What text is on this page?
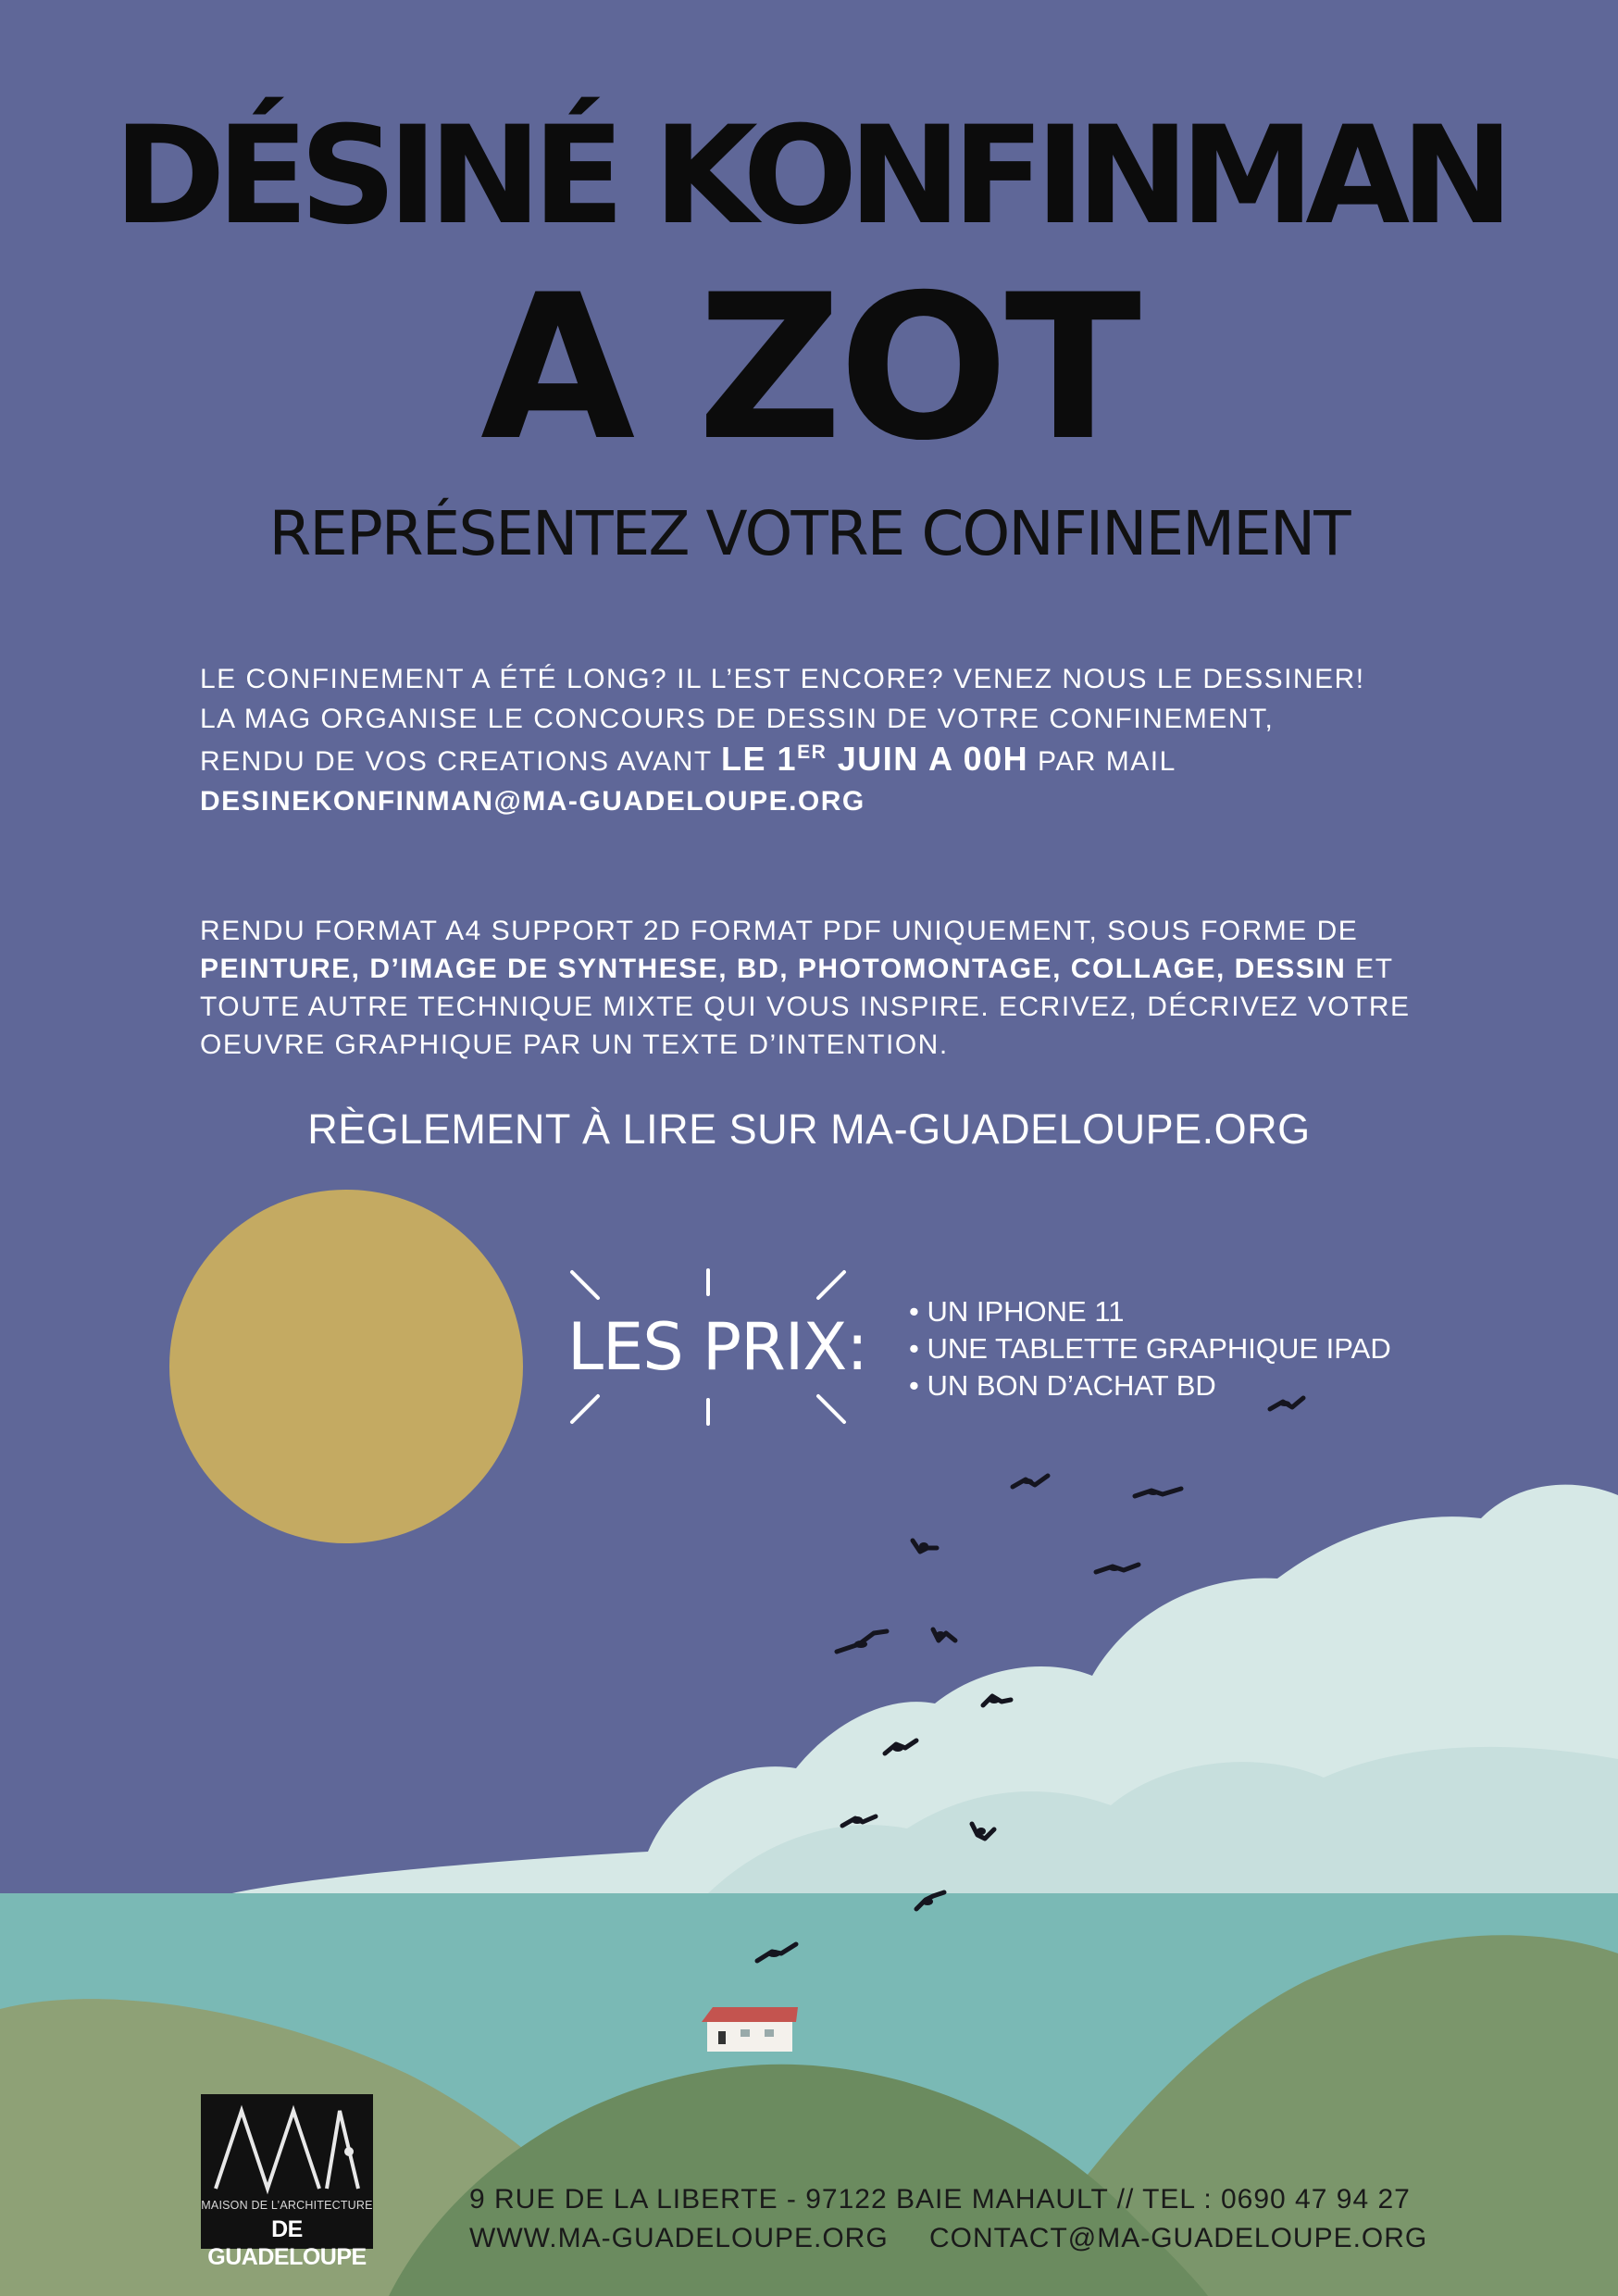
DÉSINÉ KONFINMAN
A ZOT
REPRÉSENTEZ VOTRE CONFINEMENT

LE CONFINEMENT A ÉTÉ LONG? IL L’EST ENCORE? VENEZ NOUS LE DESSINER!

LA MAG ORGANISE LE CONCOURS DE DESSIN DE VOTRE CONFINEMENT,

RENDU DE VOS CREATIONS AVANT LE 1ER JUIN A 00H PAR MAIL

DESINEKONFINMAN@MA-GUADELOUPE.ORG

RENDU FORMAT A4 SUPPORT 2D FORMAT PDF UNIQUEMENT, SOUS FORME DE PEINTURE, D’IMAGE DE SYNTHESE, BD, PHOTOMONTAGE, COLLAGE, DESSIN ET TOUTE AUTRE TECHNIQUE MIXTE QUI VOUS INSPIRE. ECRIVEZ, DÉCRIVEZ VOTRE OEUVRE GRAPHIQUE PAR UN TEXTE D’INTENTION.

RÈGLEMENT À LIRE SUR MA-GUADELOUPE.ORG
LES PRIX:
•	UN IPHONE 11
• UNE TABLETTE GRAPHIQUE IPAD
• UN BON D’ACHAT BD
MAISON DE L’ARCHITECTURE
DE GUADELOUPE
9 RUE DE LA LIBERTE - 97122 BAIE MAHAULT // TEL : 0690 47 94 27
WWW.MA-GUADELOUPE.ORG CONTACT@MA-GUADELOUPE.ORG
